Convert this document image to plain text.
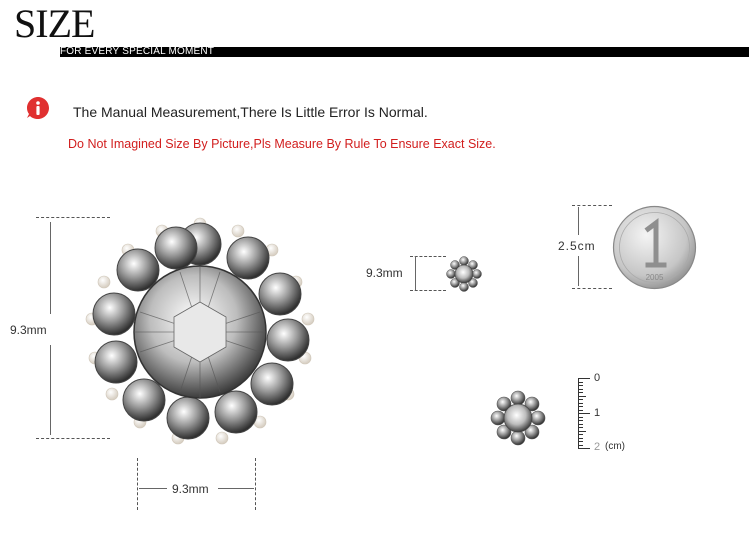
SIZE
FOR EVERY SPECIAL MOMENT
The Manual Measurement,There Is Little Error Is Normal.
Do Not Imagined Size By Picture,Pls Measure By Rule To Ensure Exact Size.
9.3mm
9.3mm
9.3mm
2.5cm
2005
0
1
2 (cm)
